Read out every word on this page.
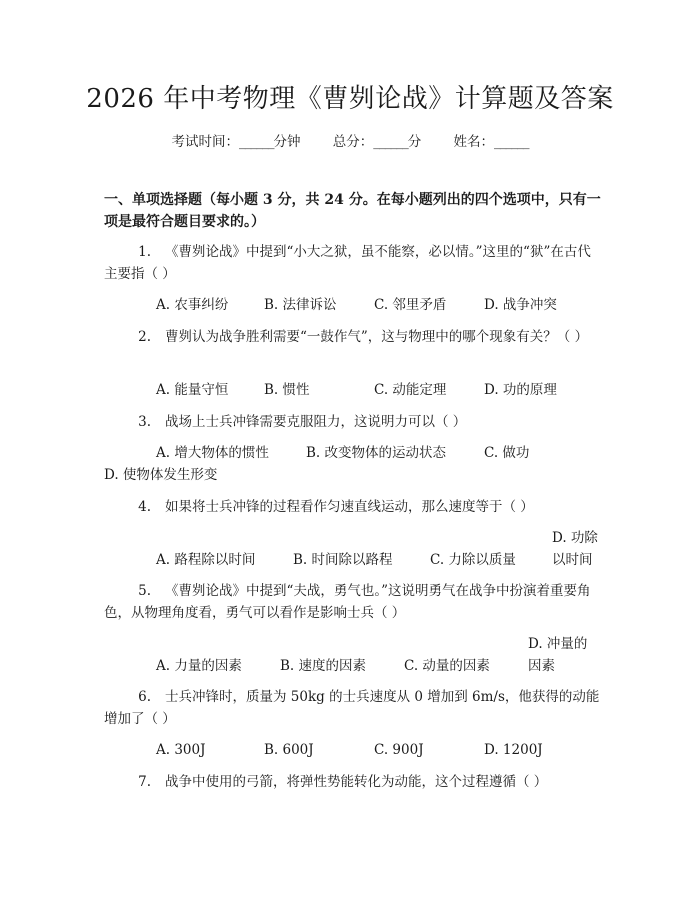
2026 年中考物理《曹刿论战》计算题及答案
考试时间：______分钟 总分：______分 姓名：______
一、单项选择题（每小题 3 分，共 24 分。在每小题列出的四个选项中，只有一项是最符合题目要求的。）
1. 《曹刿论战》中提到“小大之狱，虽不能察，必以情。”这里的“狱”在古代主要指（ ）
A. 农事纠纷	B. 法律诉讼	C. 邻里矛盾	D. 战争冲突
2. 曹刿认为战争胜利需要“一鼓作气”，这与物理中的哪个现象有关？（ ）
A. 能量守恒	B. 惯性	C. 动能定理	D. 功的原理
3. 战场上士兵冲锋需要克服阻力，这说明力可以（ ）
A. 增大物体的惯性	B. 改变物体的运动状态	C. 做功
D. 使物体发生形变
4. 如果将士兵冲锋的过程看作匀速直线运动，那么速度等于（ ）
A. 路程除以时间	B. 时间除以路程	C. 力除以质量D. 功除以时间
5. 《曹刿论战》中提到“夫战，勇气也。”这说明勇气在战争中扮演着重要角色，从物理角度看，勇气可以看作是影响士兵（ ）
A. 力量的因素	B. 速度的因素	C. 动量的因素D. 冲量的因素
6. 士兵冲锋时，质量为 50kg 的士兵速度从 0 增加到 6m/s，他获得的动能增加了（ ）
A. 300J	B. 600J	C. 900J	D. 1200J
7. 战争中使用的弓箭，将弹性势能转化为动能，这个过程遵循（ ）
